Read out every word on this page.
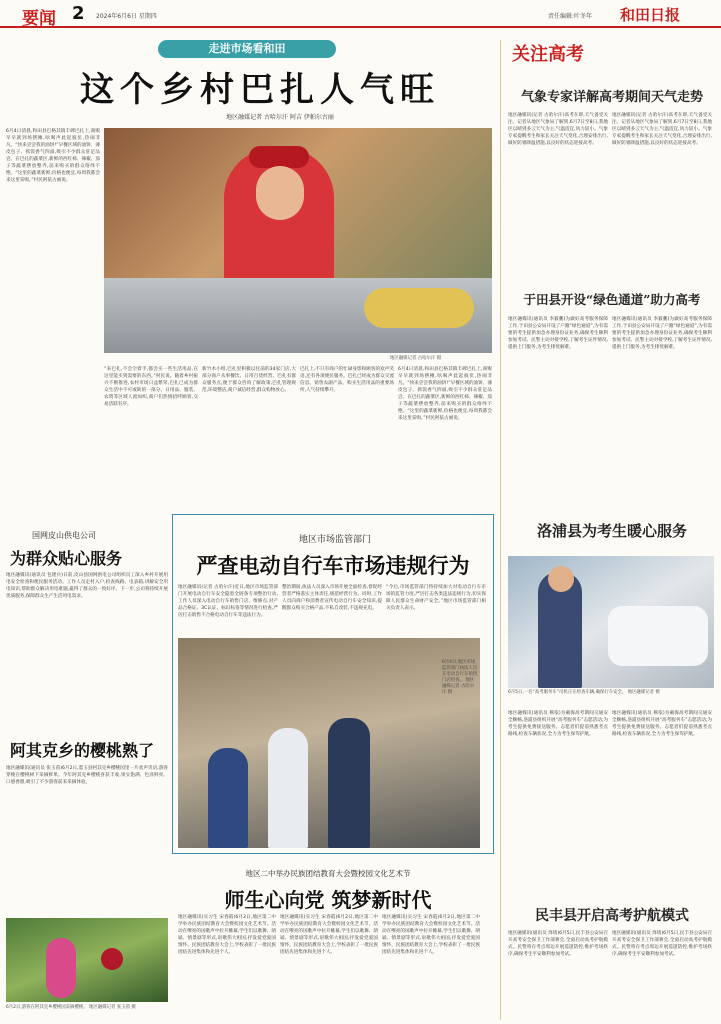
要闻 2 2024年6月6日 星期四	责任编辑:叶冬年 和田日报
走进市场看和田
这个乡村巴扎人气旺
地区融媒记者 古哈尔汗 阿吉 伊帕尔古丽
6月4日清晨,和田县巴格其镇丰碑巴扎上,商贩早早就到场摆摊,吆喝声此起彼伏,热闹非凡。“快来尝尝我的油饼!”早餐区域的油饼、薄皮包子、抓饭香气四溢,吸引不少群众驻足品尝。在巴扎的蔬菜区,新鲜的西红柿、辣椒、茄子等蔬菜摆放整齐,前来购买的群众络绎不绝。“这里的蔬菜新鲜,价格也便宜,每周我都会来这里采购。”村民阿依古丽说。
地区融媒记者 古哈尔汗 摄
“来巴扎,不会空着手,都会买一些生活用品,在这里能买到需要的东西。”村民说。随着乡村振兴不断推进,农村市场日益繁荣,巴扎已成为群众生活中不可或缺的一部分。日用品、服装、农资等区域人流如织,商户们热情招呼顾客,交易活跃有序。
新竹木小组,巴扎里积极以往前的34家门店,大部分商户从事餐饮、日用百货经营。巴扎有群众服务点,便于群众咨询了解政策,巴扎管理规范,环境整洁,商户诚信经营,群众购物放心。
巴扎上,不只有商户的忙碌身影和顾客的欢声笑语,还有各项便民服务。巴扎已经成为群众交流信息、销售农副产品、购买生活用品的重要场所,人气持续攀升。
6月4日清晨,和田县巴格其镇丰碑巴扎上,商贩早早就到场摆摊,吆喝声此起彼伏,热闹非凡。“快来尝尝我的油饼!”早餐区域的油饼、薄皮包子、抓饭香气四溢,吸引不少群众驻足品尝。在巴扎的蔬菜区,新鲜的西红柿、辣椒、茄子等蔬菜摆放整齐,前来购买的群众络绎不绝。“这里的蔬菜新鲜,价格也便宜,每周我都会来这里采购。”村民阿依古丽说。
国网皮山供电公司
为群众贴心服务
地区融媒讯(通讯员 包建兵)日前,皮山县国网供电公司组织员工深入乡村开展用电安全检查和便民服务活动。工作人员走村入户,检查线路、电表箱,讲解安全用电知识,帮助群众解决用电难题,赢得了群众的一致好评。下一步,公司将持续开展优质服务,保障群众生产生活用电需求。
阿其克乡的樱桃熟了
地区融媒讯(通讯员 张玉茵)6月2日,墨玉县阿其克乡樱桃园里一片欢声笑语,游客穿梭在樱桃树下采摘鲜果。今年阿其克乡樱桃喜获丰收,果实饱满、色泽鲜亮、口感香甜,吸引了不少游客前来采摘体验。
6月2日,游客在阿其克乡樱桃园采摘樱桃。 地区融媒记者 张玉茵 摄
地区市场监管部门
严查电动自行车市场违规行为
地区融媒讯(记者 古哈尔汗)近日,地区市场监管部门开展电动自行车安全隐患全链条专项整治行动,工作人员深入电动自行车销售门店、维修点,对产品合格证、3C认证、标识标签等情况进行检查,严厉打击销售不合格电动自行车等违法行为。
整治期间,执法人员深入市场开展全面检查,督促经营者严格落实主体责任,规范经营行为。同时,工作人员向商户和消费者宣传电动自行车安全知识,提醒群众购买合格产品,不私自改装,不违规充电。
“今后,市场监管部门将持续加大对电动自行车市场的监管力度,严厉打击各类违法违规行为,切实保障人民群众生命财产安全。”地区市场监管部门相关负责人表示。
6月4日,地区市场监管部门执法人员在电动自行车销售门店检查。 地区融媒记者 古哈尔汗 摄
地区二中举办民族团结教育大会暨校园文化艺术节
师生心向党 筑梦新时代
地区融媒讯(实习生 宋春霞)6月2日,地区第二中学举办民族团结教育大会暨校园文化艺术节。活动在嘹亮的国歌声中拉开帷幕,学生们以歌舞、朗诵、情景剧等形式,讴歌伟大祖国,抒发爱党爱国情怀。民族团结教育大会上,学校表彰了一批民族团结先进集体和先进个人。
地区融媒讯(实习生 宋春霞)6月2日,地区第二中学举办民族团结教育大会暨校园文化艺术节。活动在嘹亮的国歌声中拉开帷幕,学生们以歌舞、朗诵、情景剧等形式,讴歌伟大祖国,抒发爱党爱国情怀。民族团结教育大会上,学校表彰了一批民族团结先进集体和先进个人。
地区融媒讯(实习生 宋春霞)6月2日,地区第二中学举办民族团结教育大会暨校园文化艺术节。活动在嘹亮的国歌声中拉开帷幕,学生们以歌舞、朗诵、情景剧等形式,讴歌伟大祖国,抒发爱党爱国情怀。民族团结教育大会上,学校表彰了一批民族团结先进集体和先进个人。
关注高考
气象专家详解高考期间天气走势
地区融媒讯(记者 古哈尔汗)高考在即,天气备受关注。记者从地区气象局了解到,6月7日至8日,我地区以晴到多云天气为主,气温适宜,风力较小。气象专家提醒考生和家长关注天气变化,合理安排出行,做好防暑降温措施,以良好的状态迎接高考。
地区融媒讯(记者 古哈尔汗)高考在即,天气备受关注。记者从地区气象局了解到,6月7日至8日,我地区以晴到多云天气为主,气温适宜,风力较小。气象专家提醒考生和家长关注天气变化,合理安排出行,做好防暑降温措施,以良好的状态迎接高考。
于田县开设“绿色通道”助力高考
地区融媒讯(通讯员 李毅鹏)为做好高考服务保障工作,于田县公安局开设了户籍“绿色通道”,为有需要的考生提供加急办理身份证业务,确保考生顺利参加考试。民警主动对接学校,了解考生证件情况,提供上门服务,为考生排忧解难。
地区融媒讯(通讯员 李毅鹏)为做好高考服务保障工作,于田县公安局开设了户籍“绿色通道”,为有需要的考生提供加急办理身份证业务,确保考生顺利参加考试。民警主动对接学校,了解考生证件情况,提供上门服务,为考生排忧解难。
洛浦县为考生暖心服务
6月5日,一名“高考服务车”司机正在检查车辆,确保行车安全。 地区融媒记者 摄
地区融媒讯(通讯员 穆依)为确保高考期间交通安全顺畅,洛浦县组织开展“高考服务车”志愿活动,为考生提供免费接送服务。志愿者们提前熟悉考点路线,检查车辆状况,全力为考生保驾护航。
地区融媒讯(通讯员 穆依)为确保高考期间交通安全顺畅,洛浦县组织开展“高考服务车”志愿活动,为考生提供免费接送服务。志愿者们提前熟悉考点路线,检查车辆状况,全力为考生保驾护航。
民丰县开启高考护航模式
地区融媒讯(通讯员 周琦)6月5日,民丰县公安局召开高考安全保卫工作部署会,全面启动高考护航模式。民警将在考点周边开展巡逻防控,维护考场秩序,确保考生平安顺利参加考试。
地区融媒讯(通讯员 周琦)6月5日,民丰县公安局召开高考安全保卫工作部署会,全面启动高考护航模式。民警将在考点周边开展巡逻防控,维护考场秩序,确保考生平安顺利参加考试。
